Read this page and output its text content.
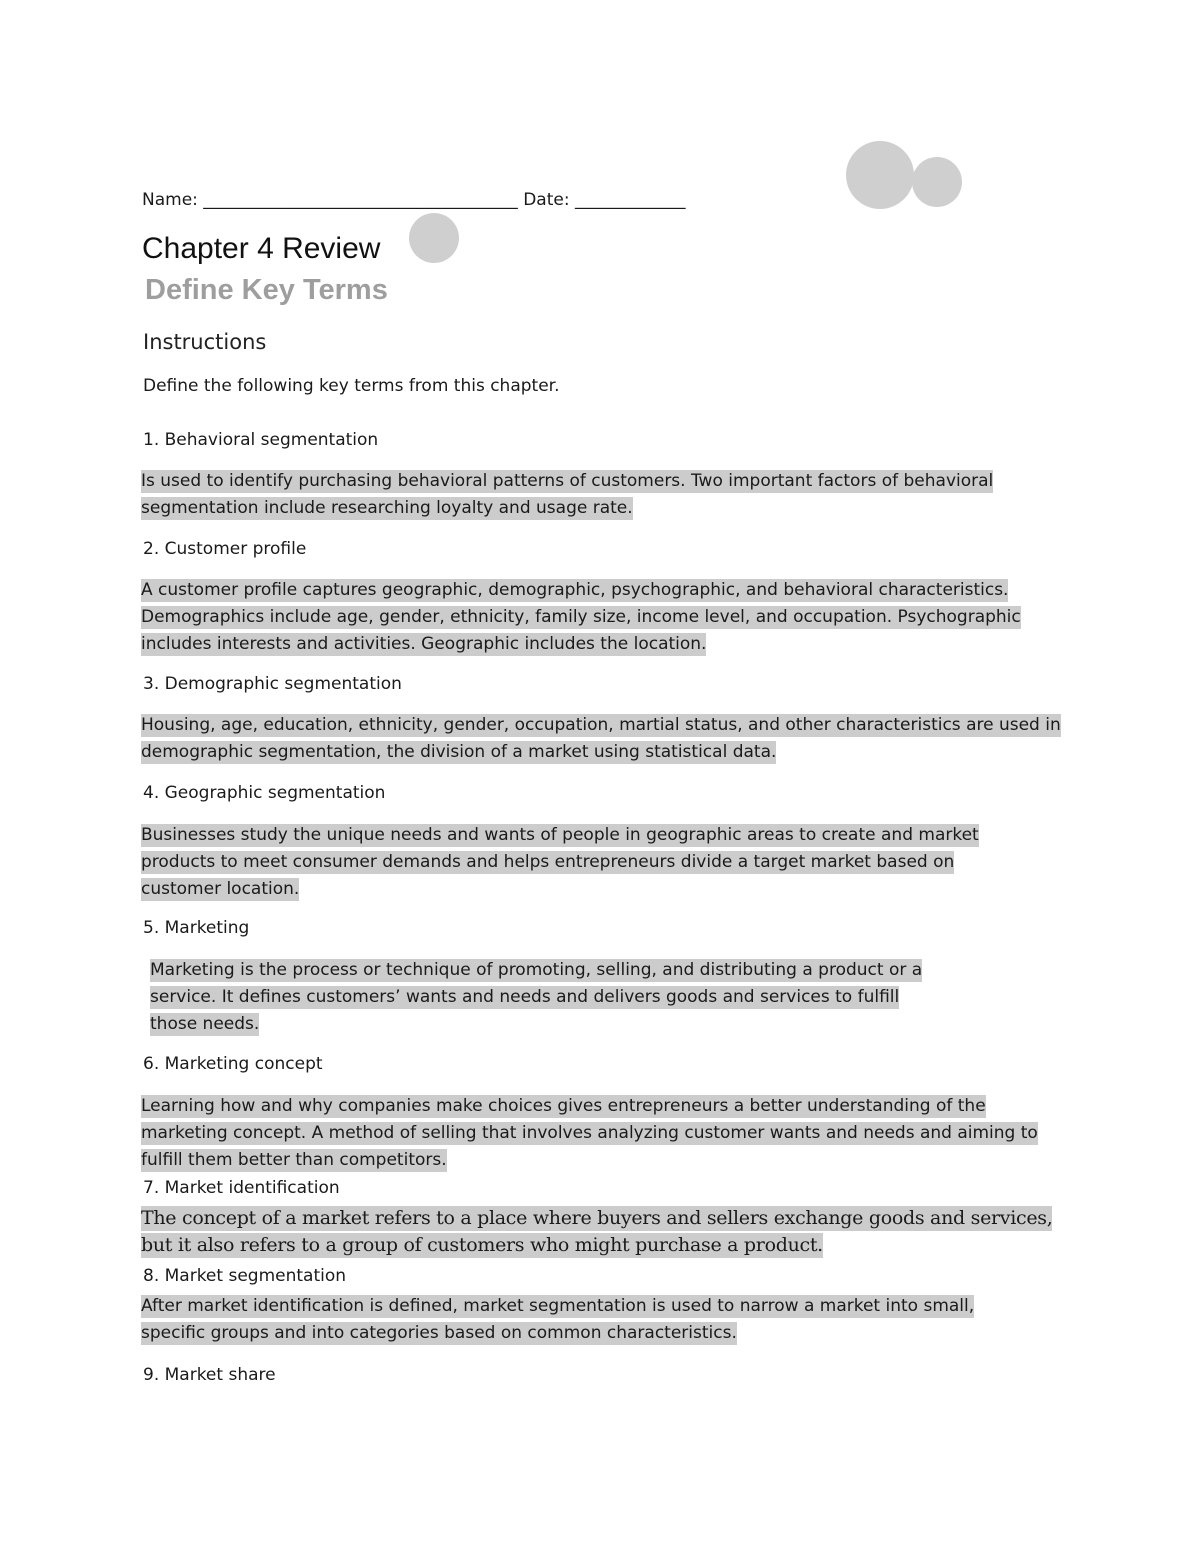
Name: _____________________________________ Date: _____________
Chapter 4 Review
Define Key Terms
Instructions
Define the following key terms from this chapter.
1. Behavioral segmentation
Is used to identify purchasing behavioral patterns of customers. Two important factors of behavioral segmentation include researching loyalty and usage rate.
2. Customer profile
A customer profile captures geographic, demographic, psychographic, and behavioral characteristics. Demographics include age, gender, ethnicity, family size, income level, and occupation. Psychographic includes interests and activities. Geographic includes the location.
3. Demographic segmentation
Housing, age, education, ethnicity, gender, occupation, martial status, and other characteristics are used in demographic segmentation, the division of a market using statistical data.
4. Geographic segmentation
Businesses study the unique needs and wants of people in geographic areas to create and market products to meet consumer demands and helps entrepreneurs divide a target market based on customer location.
5. Marketing
Marketing is the process or technique of promoting, selling, and distributing a product or a service. It defines customers’ wants and needs and delivers goods and services to fulfill those needs.
6. Marketing concept
Learning how and why companies make choices gives entrepreneurs a better understanding of the marketing concept. A method of selling that involves analyzing customer wants and needs and aiming to fulfill them better than competitors.
7. Market identification
The concept of a market refers to a place where buyers and sellers exchange goods and services, but it also refers to a group of customers who might purchase a product.
8. Market segmentation
After market identification is defined, market segmentation is used to narrow a market into small, specific groups and into categories based on common characteristics.
9. Market share
